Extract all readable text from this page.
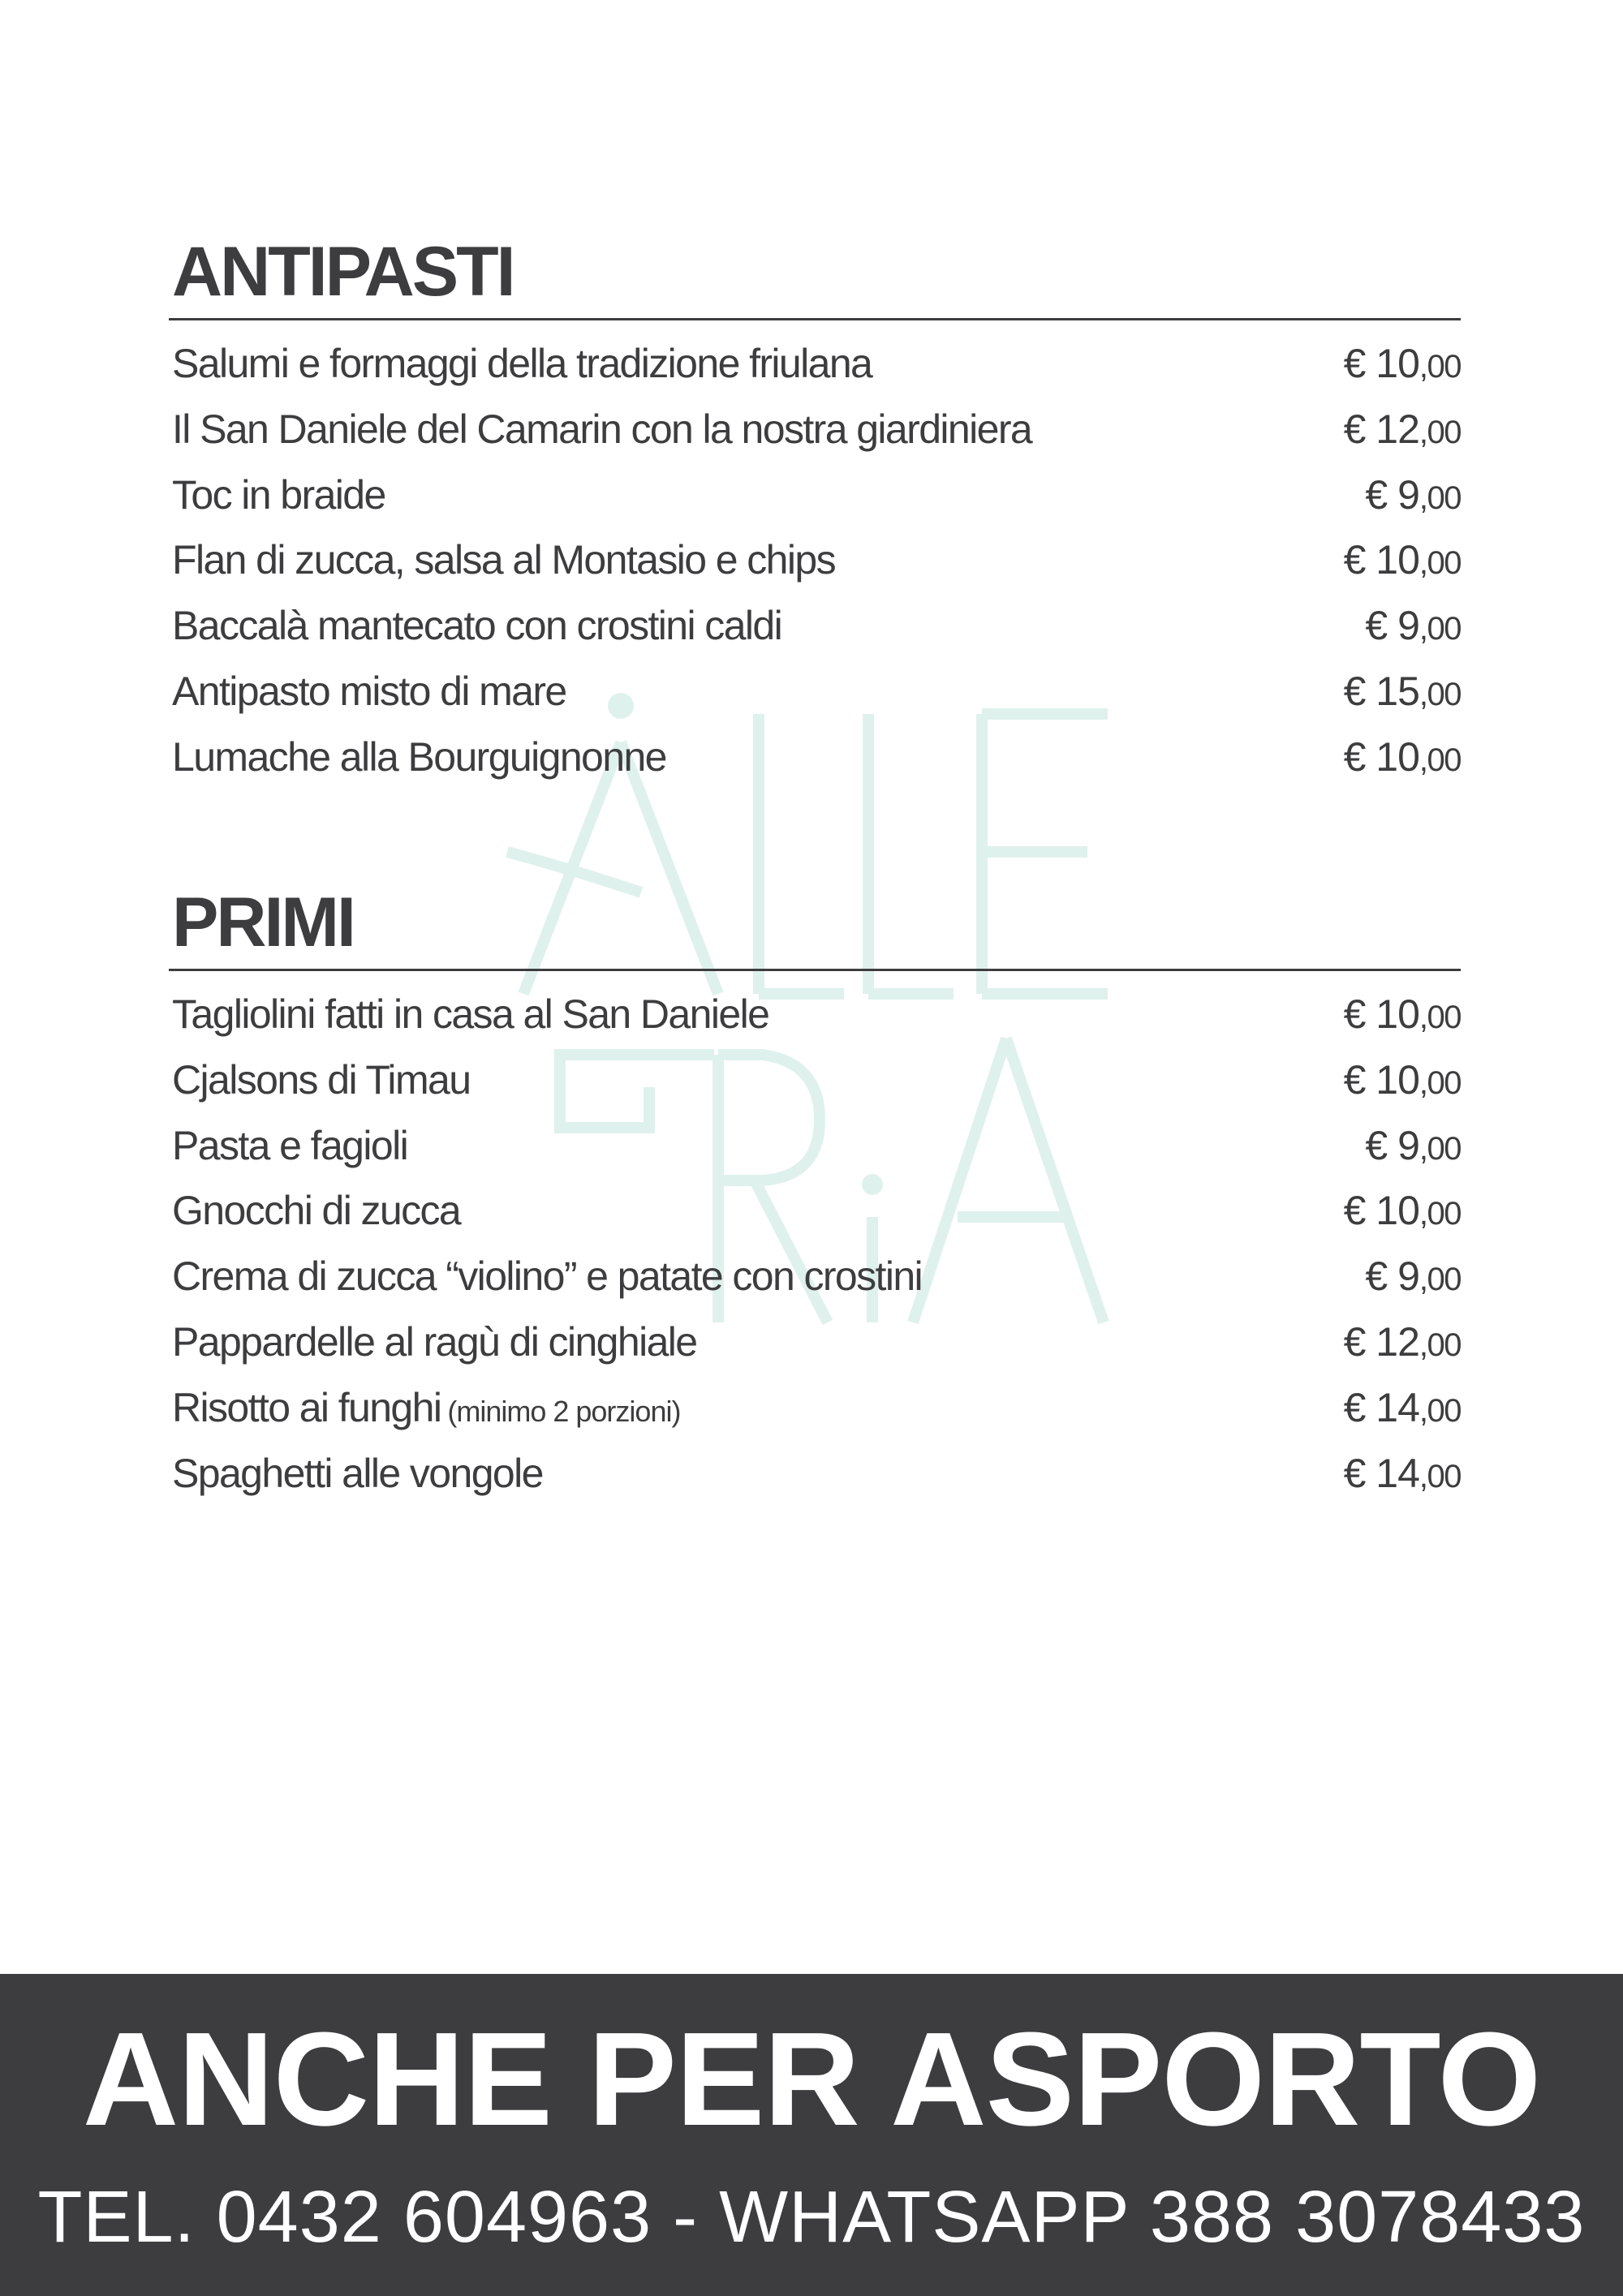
ANTIPASTI
Salumi e formaggi della tradizione friulana	€ 10,00
Il San Daniele del Camarin con la nostra giardiniera	€ 12,00
Toc in braide	€ 9,00
Flan di zucca, salsa al Montasio e chips	€ 10,00
Baccalà mantecato con crostini caldi	€ 9,00
Antipasto misto di mare	€ 15,00
Lumache alla Bourguignonne	€ 10,00
PRIMI
Tagliolini fatti in casa al San Daniele	€ 10,00
Cjalsons di Timau	€ 10,00
Pasta e fagioli	€ 9,00
Gnocchi di zucca	€ 10,00
Crema di zucca “violino” e patate con crostini	€ 9,00
Pappardelle al ragù di cinghiale	€ 12,00
Risotto ai funghi (minimo 2 porzioni)	€ 14,00
Spaghetti alle vongole	€ 14,00
ANCHE PER ASPORTO
TEL. 0432 604963 - WHATSAPP 388 3078433
